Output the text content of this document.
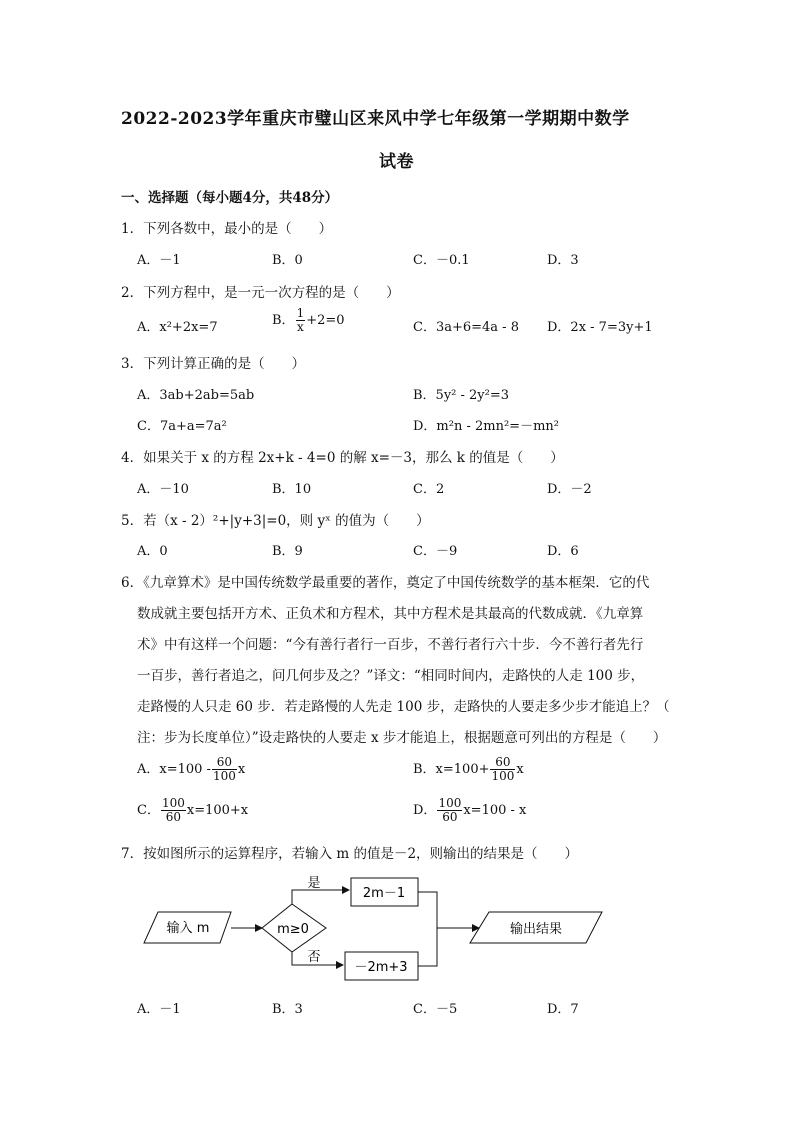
2022-2023学年重庆市璧山区来风中学七年级第一学期期中数学
试卷
一、选择题（每小题4分，共48分）
1．下列各数中，最小的是（　　）
A．－1	B．0	C．－0.1	D．3
2．下列方程中，是一元一次方程的是（　　）
A．x²+2x=7	B． $\frac{1}{x} +2=0$	C．3a+6=4a - 8 D．2x - 7=3y+1
3．下列计算正确的是（　　）
A．3ab+2ab=5ab	B．5y² - 2y²=3
C．7a+a=7a²	D．m²n - 2mn²=－mn²
4．如果关于 x 的方程 2x+k - 4=0 的解 x=－3，那么 k 的值是（　　）
A．－10	B．10	C．2	D．－2
5．若（x - 2）²+|y+3|=0，则 yˣ 的值为（　　）
A．0	B．9	C．－9	D．6
6．《九章算术》是中国传统数学最重要的著作，奠定了中国传统数学的基本框架．它的代
数成就主要包括开方术、正负术和方程术，其中方程术是其最高的代数成就．《九章算
术》中有这样一个问题：“今有善行者行一百步，不善行者行六十步．今不善行者先行
一百步，善行者追之，问几何步及之？”译文：“相同时间内，走路快的人走 100 步，
走路慢的人只走 60 步．若走路慢的人先走 100 步，走路快的人要走多少步才能追上？（
注：步为长度单位）”设走路快的人要走 x 步才能追上，根据题意可列出的方程是（　　）
A．$x=100 - \frac{60}{100}$ x	B．$x=100+ \frac{60}{100}$ x
C． $\frac{100}{60} x=100+x$	D． $\frac{100}{60} x=100 - x$
7．按如图所示的运算程序，若输入 m 的值是－2，则输出的结果是（　　）
输入 m	m≥0
是
2m－1
否
－2m+3
输出结果
A．－1	B．3	C．－5	D．7
